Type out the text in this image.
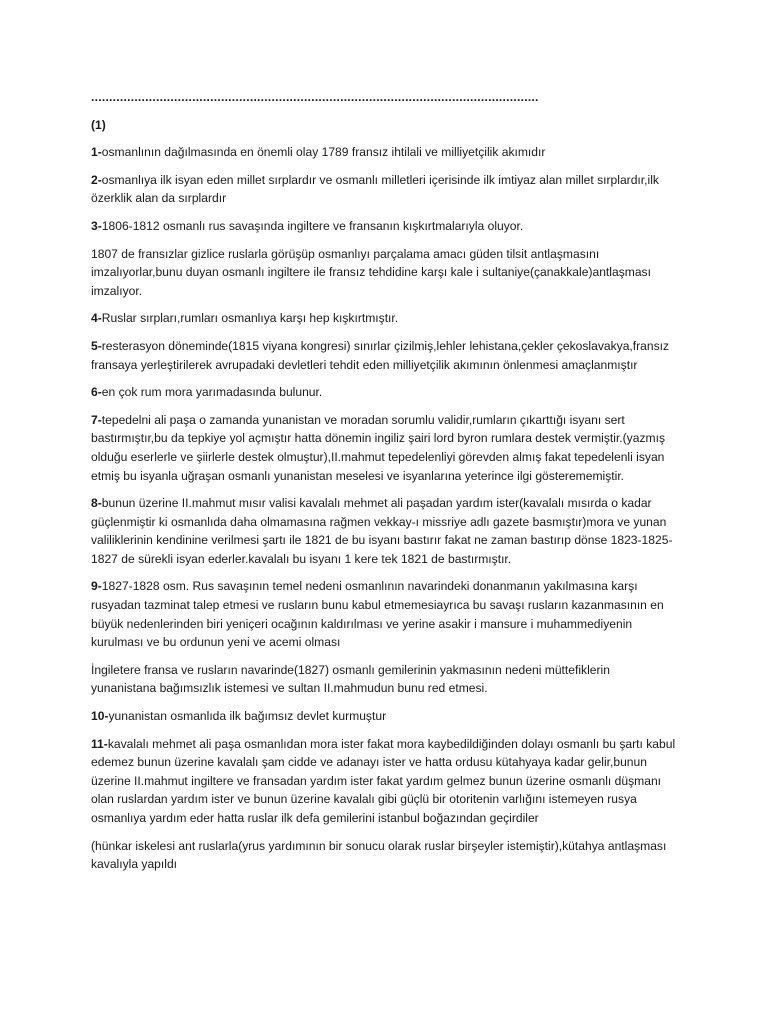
............................................................................................................................
(1)
1-osmanlının dağılmasında en önemli olay 1789 fransız ihtilali ve milliyetçilik akımıdır
2-osmanlıya ilk isyan eden millet sırplardır ve osmanlı milletleri içerisinde ilk imtiyaz alan millet sırplardır,ilk özerklik alan da sırplardır
3-1806-1812 osmanlı rus savaşında ingiltere ve fransanın kışkırtmalarıyla oluyor.
1807 de fransızlar gizlice ruslarla görüşüp osmanlıyı parçalama amacı güden tilsit antlaşmasını imzalıyorlar,bunu duyan osmanlı ingiltere ile fransız tehdidine karşı kale i sultaniye(çanakkale)antlaşması imzalıyor.
4-Ruslar sırpları,rumları osmanlıya karşı hep kışkırtmıştır.
5-resterasyon döneminde(1815 viyana kongresi) sınırlar çizilmiş,lehler lehistana,çekler çekoslavakya,fransız fransaya yerleştirilerek avrupadaki devletleri tehdit eden milliyetçilik akımının önlenmesi amaçlanmıştır
6-en çok rum mora yarımadasında bulunur.
7-tepedelni ali paşa o zamanda yunanistan ve moradan sorumlu validir,rumların çıkarttığı isyanı sert bastırmıştır,bu da tepkiye yol açmıştır hatta dönemin ingiliz şairi lord byron rumlara destek vermiştir.(yazmış olduğu eserlerle ve şiirlerle destek olmuştur),II.mahmut tepedelenliyi görevden almış fakat tepedelenli isyan etmiş bu isyanla uğraşan osmanlı yunanistan meselesi ve isyanlarına yeterince ilgi gösterememiştir.
8-bunun üzerine II.mahmut mısır valisi kavalalı mehmet ali paşadan yardım ister(kavalalı mısırda o kadar güçlenmiştir ki osmanlıda daha olmamasına rağmen vekkay-ı missriye adlı gazete basmıştır)mora ve yunan valiliklerinin kendinine verilmesi şartı ile 1821 de bu isyanı bastırır fakat ne zaman bastırıp dönse 1823-1825-1827 de sürekli isyan ederler.kavalalı bu isyanı 1 kere tek 1821 de bastırmıştır.
9-1827-1828 osm. Rus savaşının temel nedeni osmanlının navarindeki donanmanın yakılmasına karşı rusyadan tazminat talep etmesi ve rusların bunu kabul etmemesiayrıca bu savaşı rusların kazanmasının en büyük nedenlerinden biri yeniçeri ocağının kaldırılması ve yerine asakir i mansure i muhammediyenin kurulması ve bu ordunun yeni ve acemi olması
İngiletere fransa ve rusların navarinde(1827) osmanlı gemilerinin yakmasının nedeni müttefiklerin yunanistana bağımsızlık istemesi ve sultan II.mahmudun bunu red etmesi.
10-yunanistan osmanlıda ilk bağımsız devlet kurmuştur
11-kavalalı mehmet ali paşa osmanlıdan mora ister fakat mora kaybedildiğinden dolayı osmanlı bu şartı kabul edemez bunun üzerine kavalalı şam cidde ve adanayı ister ve hatta ordusu kütahyaya kadar gelir,bunun üzerine II.mahmut ingiltere ve fransadan yardım ister fakat yardım gelmez bunun üzerine osmanlı düşmanı olan ruslardan yardım ister ve bunun üzerine kavalalı gibi güçlü bir otoritenin varlığını istemeyen rusya osmanlıya yardım eder hatta ruslar ilk defa gemilerini istanbul boğazından geçirdiler
(hünkar iskelesi ant ruslarla(yrus yardımının bir sonucu olarak ruslar birşeyler istemiştir),kütahya antlaşması kavalıyla yapıldı
